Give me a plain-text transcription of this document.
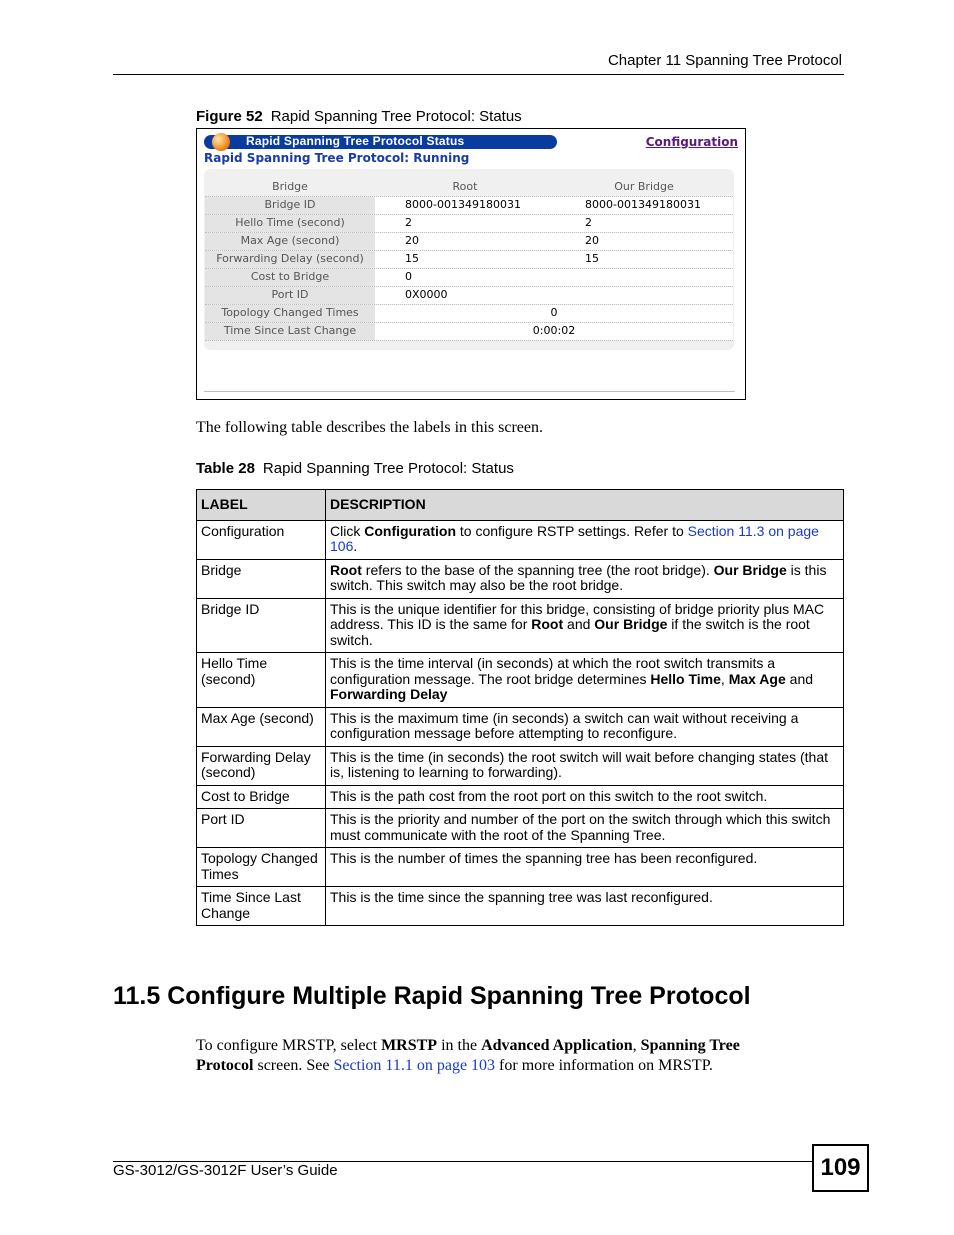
Chapter 11 Spanning Tree Protocol
Figure 52 Rapid Spanning Tree Protocol: Status
Rapid Spanning Tree Protocol Status	Configuration
Rapid Spanning Tree Protocol: Running
Bridge	Root	Our Bridge
Bridge ID	8000-001349180031	8000-001349180031
Hello Time (second)	2	2
Max Age (second)	20	20
Forwarding Delay (second)	15	15
Cost to Bridge	0
Port ID	0X0000
Topology Changed Times	0
Time Since Last Change	0:00:02
The following table describes the labels in this screen.
Table 28 Rapid Spanning Tree Protocol: Status
LABEL	DESCRIPTION
Configuration	Click Configuration to configure RSTP settings. Refer to Section 11.3 on page 106.
Bridge	Root refers to the base of the spanning tree (the root bridge). Our Bridge is this switch. This switch may also be the root bridge.
Bridge ID	This is the unique identifier for this bridge, consisting of bridge priority plus MAC address. This ID is the same for Root and Our Bridge if the switch is the root switch.
Hello Time (second)	This is the time interval (in seconds) at which the root switch transmits a configuration message. The root bridge determines Hello Time, Max Age and Forwarding Delay
Max Age (second)	This is the maximum time (in seconds) a switch can wait without receiving a configuration message before attempting to reconfigure.
Forwarding Delay (second)	This is the time (in seconds) the root switch will wait before changing states (that is, listening to learning to forwarding).
Cost to Bridge	This is the path cost from the root port on this switch to the root switch.
Port ID	This is the priority and number of the port on the switch through which this switch must communicate with the root of the Spanning Tree.
Topology Changed Times	This is the number of times the spanning tree has been reconfigured.
Time Since Last Change	This is the time since the spanning tree was last reconfigured.
11.5 Configure Multiple Rapid Spanning Tree Protocol
To configure MRSTP, select MRSTP in the Advanced Application, Spanning Tree Protocol screen. See Section 11.1 on page 103 for more information on MRSTP.
GS-3012/GS-3012F User’s Guide	109
